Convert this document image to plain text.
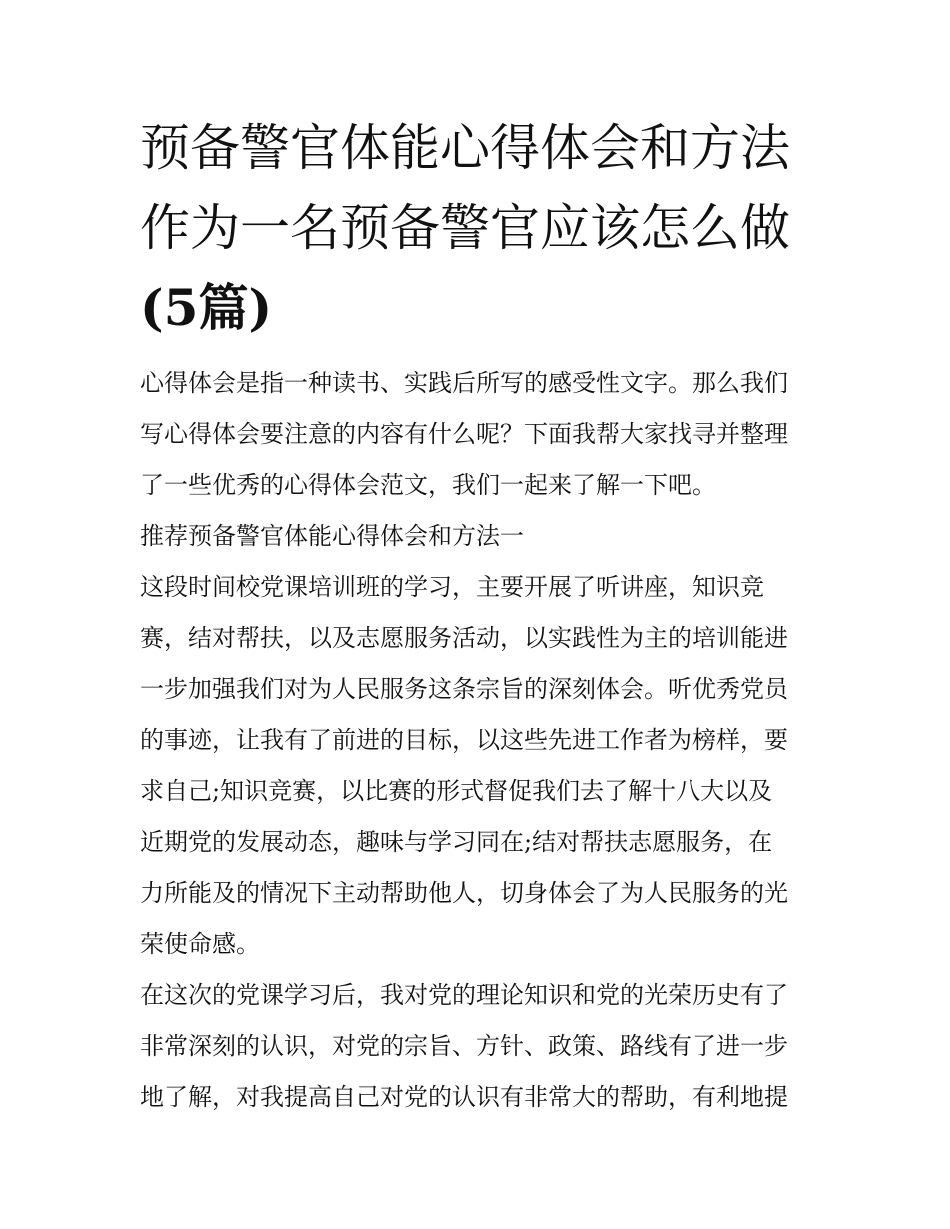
预备警官体能心得体会和方法
作为一名预备警官应该怎么做
(5篇)

心得体会是指一种读书、实践后所写的感受性文字。那么我们
写心得体会要注意的内容有什么呢？下面我帮大家找寻并整理
了一些优秀的心得体会范文，我们一起来了解一下吧。

推荐预备警官体能心得体会和方法一

这段时间校党课培训班的学习，主要开展了听讲座，知识竞
赛，结对帮扶，以及志愿服务活动，以实践性为主的培训能进
一步加强我们对为人民服务这条宗旨的深刻体会。听优秀党员
的事迹，让我有了前进的目标，以这些先进工作者为榜样，要
求自己;知识竞赛，以比赛的形式督促我们去了解十八大以及
近期党的发展动态，趣味与学习同在;结对帮扶志愿服务，在
力所能及的情况下主动帮助他人，切身体会了为人民服务的光
荣使命感。

在这次的党课学习后，我对党的理论知识和党的光荣历史有了
非常深刻的认识，对党的宗旨、方针、政策、路线有了进一步
地了解，对我提高自己对党的认识有非常大的帮助，有利地提
